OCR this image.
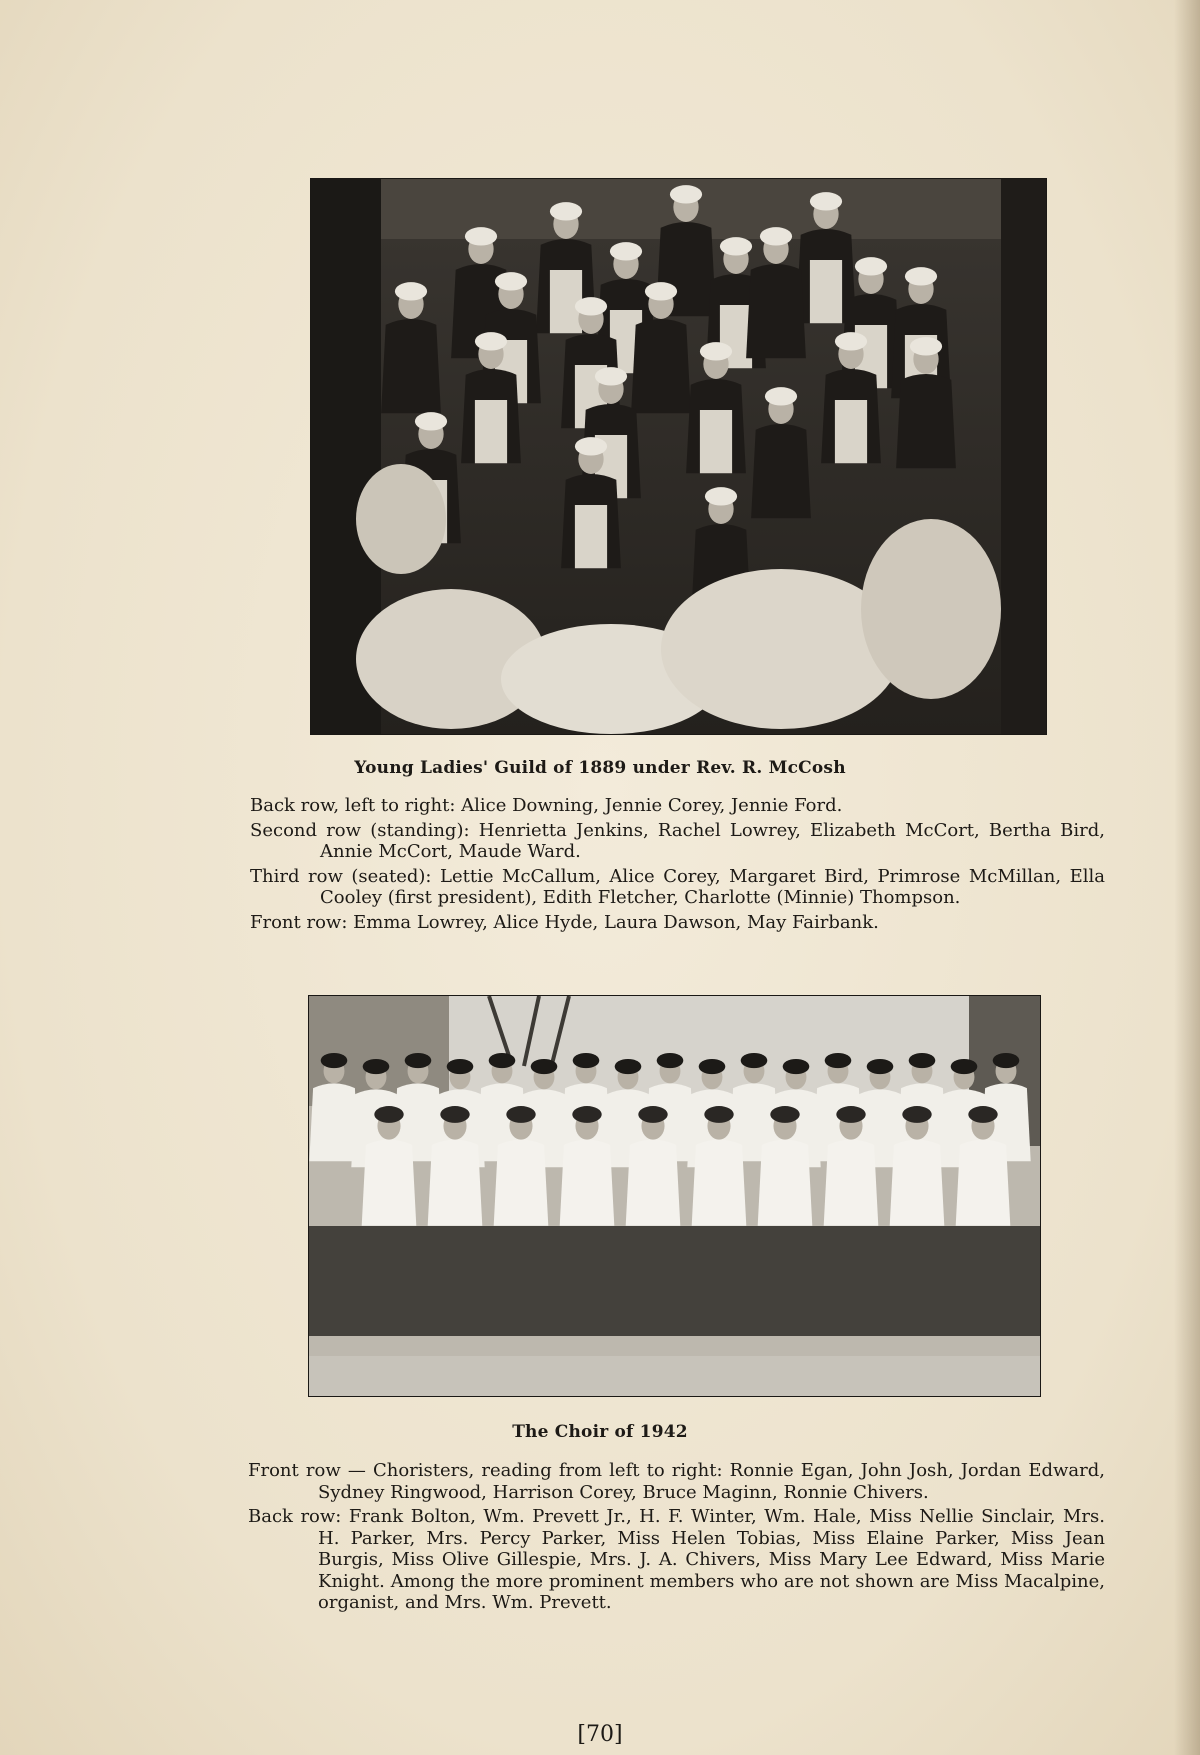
Young Ladies' Guild of 1889 under Rev. R. McCosh

Back row, left to right: Alice Downing, Jennie Corey, Jennie Ford.

Second row (standing): Henrietta Jenkins, Rachel Lowrey, Elizabeth McCort, Bertha Bird, Annie McCort, Maude Ward.

Third row (seated): Lettie McCallum, Alice Corey, Margaret Bird, Primrose McMillan, Ella Cooley (first president), Edith Fletcher, Charlotte (Minnie) Thompson.

Front row: Emma Lowrey, Alice Hyde, Laura Dawson, May Fairbank.

The Choir of 1942

Front row — Choristers, reading from left to right: Ronnie Egan, John Josh, Jordan Edward, Sydney Ringwood, Harrison Corey, Bruce Maginn, Ronnie Chivers.

Back row: Frank Bolton, Wm. Prevett Jr., H. F. Winter, Wm. Hale, Miss Nellie Sinclair, Mrs. H. Parker, Mrs. Percy Parker, Miss Helen Tobias, Miss Elaine Parker, Miss Jean Burgis, Miss Olive Gillespie, Mrs. J. A. Chivers, Miss Mary Lee Edward, Miss Marie Knight. Among the more prominent members who are not shown are Miss Macalpine, organist, and Mrs. Wm. Prevett.

[70]
